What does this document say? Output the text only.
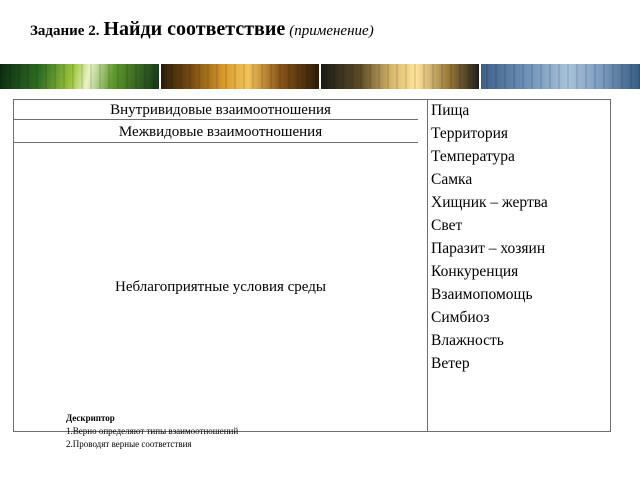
Задание 2. Найди соответствие (применение)
Внутривидовые взаимоотношения
Межвидовые взаимоотношения
Неблагоприятные условия среды
Дескриптор
1.Верно определяют типы взаимоотношений
2.Проводят верные соответствия
Пища
Территория
Температура
Самка
Хищник – жертва
Свет
Паразит – хозяин
Конкуренция
Взаимопомощь
Симбиоз
Влажность
Ветер
